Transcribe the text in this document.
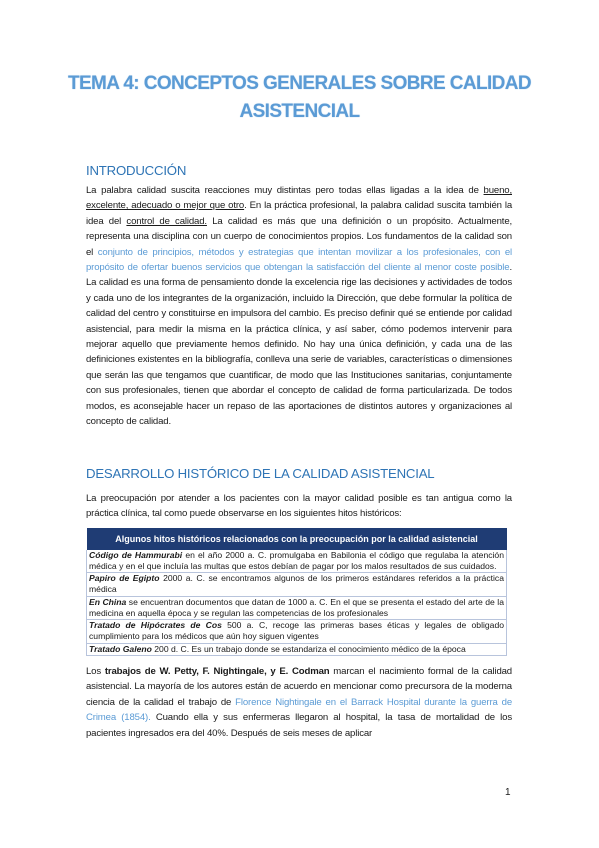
TEMA 4: CONCEPTOS GENERALES SOBRE CALIDAD
ASISTENCIAL
INTRODUCCIÓN

La palabra calidad suscita reacciones muy distintas pero todas ellas ligadas a la idea de bueno, excelente, adecuado o mejor que otro. En la práctica profesional, la palabra calidad suscita también la idea del control de calidad. La calidad es más que una definición o un propósito. Actualmente, representa una disciplina con un cuerpo de conocimientos propios. Los fundamentos de la calidad son el conjunto de principios, métodos y estrategias que intentan movilizar a los profesionales, con el propósito de ofertar buenos servicios que obtengan la satisfacción del cliente al menor coste posible. La calidad es una forma de pensamiento donde la excelencia rige las decisiones y actividades de todos y cada uno de los integrantes de la organización, incluido la Dirección, que debe formular la política de calidad del centro y constituirse en impulsora del cambio. Es preciso definir qué se entiende por calidad asistencial, para medir la misma en la práctica clínica, y así saber, cómo podemos intervenir para mejorar aquello que previamente hemos definido. No hay una única definición, y cada una de las definiciones existentes en la bibliografía, conlleva una serie de variables, características o dimensiones que serán las que tengamos que cuantificar, de modo que las Instituciones sanitarias, conjuntamente con sus profesionales, tienen que abordar el concepto de calidad de forma particularizada. De todos modos, es aconsejable hacer un repaso de las aportaciones de distintos autores y organizaciones al concepto de calidad.

DESARROLLO HISTÓRICO DE LA CALIDAD ASISTENCIAL

La preocupación por atender a los pacientes con la mayor calidad posible es tan antigua como la práctica clínica, tal como puede observarse en los siguientes hitos históricos:

Algunos hitos históricos relacionados con la preocupación por la calidad asistencial
Código de Hammurabi en el año 2000 a. C. promulgaba en Babilonia el código que regulaba la atención médica y en el que incluía las multas que estos debían de pagar por los malos resultados de sus cuidados.
Papiro de Egipto 2000 a. C. se encontramos algunos de los primeros estándares referidos a la práctica médica
En China se encuentran documentos que datan de 1000 a. C. En el que se presenta el estado del arte de la medicina en aquella época y se regulan las competencias de los profesionales
Tratado de Hipócrates de Cos 500 a. C, recoge las primeras bases éticas y legales de obligado cumplimiento para los médicos que aún hoy siguen vigentes
Tratado Galeno 200 d. C. Es un trabajo donde se estandariza el conocimiento médico de la época

Los trabajos de W. Petty, F. Nightingale, y E. Codman marcan el nacimiento formal de la calidad asistencial. La mayoría de los autores están de acuerdo en mencionar como precursora de la moderna ciencia de la calidad el trabajo de Florence Nightingale en el Barrack Hospital durante la guerra de Crimea (1854). Cuando ella y sus enfermeras llegaron al hospital, la tasa de mortalidad de los pacientes ingresados era del 40%. Después de seis meses de aplicar

1
